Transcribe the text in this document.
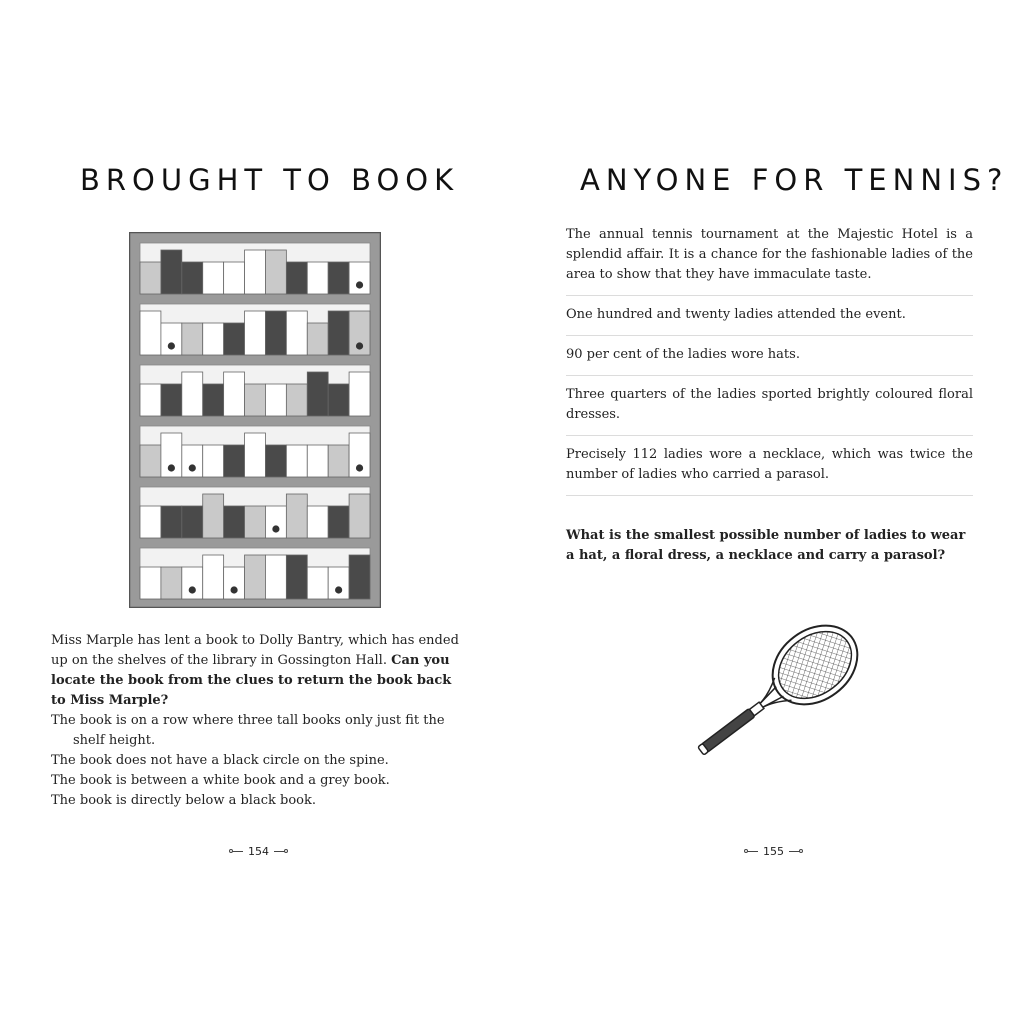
BROUGHT TO BOOK

Miss Marple has lent a book to Dolly Bantry, which has ended up on the shelves of the library in Gossington Hall. Can you locate the book from the clues to return the book back to Miss Marple?

The book is on a row where three tall books only just fit the shelf height.
The book does not have a black circle on the spine.
The book is between a white book and a grey book.
The book is directly below a black book.
154
ANYONE FOR TENNIS?
The annual tennis tournament at the Majestic Hotel is a splendid affair. It is a chance for the fashionable ladies of the area to show that they have immaculate taste.
One hundred and twenty ladies attended the event.
90 per cent of the ladies wore hats.
Three quarters of the ladies sported brightly coloured floral dresses.
Precisely 112 ladies wore a necklace, which was twice the number of ladies who carried a parasol.

What is the smallest possible number of ladies to wear a hat, a floral dress, a necklace and carry a parasol?

155
